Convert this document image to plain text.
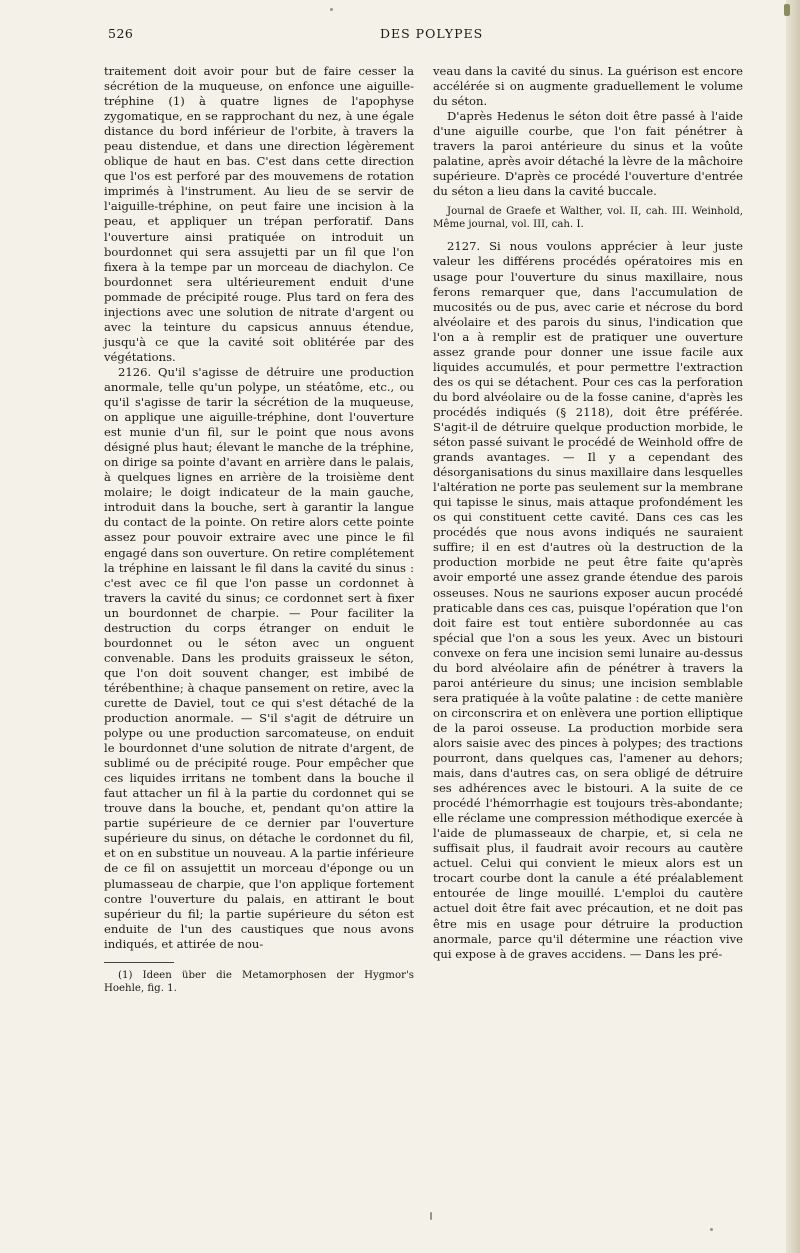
526	DES POLYPES

traitement doit avoir pour but de faire cesser la sécrétion de la muqueuse, on enfonce une aiguille-tréphine (1) à quatre lignes de l'apophyse zygomatique, en se rapprochant du nez, à une égale distance du bord inférieur de l'orbite, à travers la peau distendue, et dans une direction légèrement oblique de haut en bas. C'est dans cette direction que l'os est perforé par des mouvemens de rotation imprimés à l'instrument. Au lieu de se servir de l'aiguille-tréphine, on peut faire une incision à la peau, et appliquer un trépan perforatif. Dans l'ouverture ainsi pratiquée on introduit un bourdonnet qui sera assujetti par un fil que l'on fixera à la tempe par un morceau de diachylon. Ce bourdonnet sera ultérieurement enduit d'une pommade de précipité rouge. Plus tard on fera des injections avec une solution de nitrate d'argent ou avec la teinture du capsicus annuus étendue, jusqu'à ce que la cavité soit oblitérée par des végétations.

2126. Qu'il s'agisse de détruire une production anormale, telle qu'un polype, un stéatôme, etc., ou qu'il s'agisse de tarir la sécrétion de la muqueuse, on applique une aiguille-tréphine, dont l'ouverture est munie d'un fil, sur le point que nous avons désigné plus haut; élevant le manche de la tréphine, on dirige sa pointe d'avant en arrière dans le palais, à quelques lignes en arrière de la troisième dent molaire; le doigt indicateur de la main gauche, introduit dans la bouche, sert à garantir la langue du contact de la pointe. On retire alors cette pointe assez pour pouvoir extraire avec une pince le fil engagé dans son ouverture. On retire complétement la tréphine en laissant le fil dans la cavité du sinus : c'est avec ce fil que l'on passe un cordonnet à travers la cavité du sinus; ce cordonnet sert à fixer un bourdonnet de charpie. — Pour faciliter la destruction du corps étranger on enduit le bourdonnet ou le séton avec un onguent convenable. Dans les produits graisseux le séton, que l'on doit souvent changer, est imbibé de térébenthine; à chaque pansement on retire, avec la curette de Daviel, tout ce qui s'est détaché de la production anormale. — S'il s'agit de détruire un polype ou une production sarcomateuse, on enduit le bourdonnet d'une solution de nitrate d'argent, de sublimé ou de précipité rouge. Pour empêcher que ces liquides irritans ne tombent dans la bouche il faut attacher un fil à la partie du cordonnet qui se trouve dans la bouche, et, pendant qu'on attire la partie supérieure de ce dernier par l'ouverture supérieure du sinus, on détache le cordonnet du fil, et on en substitue un nouveau. A la partie inférieure de ce fil on assujettit un morceau d'éponge ou un plumasseau de charpie, que l'on applique fortement contre l'ouverture du palais, en attirant le bout supérieur du fil; la partie supérieure du séton est enduite de l'un des caustiques que nous avons indiqués, et attirée de nou-

(1) Ideen über die Metamorphosen der Hygmor's Hoehle, fig. 1.

veau dans la cavité du sinus. La guérison est encore accélérée si on augmente graduellement le volume du séton.

D'après Hedenus le séton doit être passé à l'aide d'une aiguille courbe, que l'on fait pénétrer à travers la paroi antérieure du sinus et la voûte palatine, après avoir détaché la lèvre de la mâchoire supérieure. D'après ce procédé l'ouverture d'entrée du séton a lieu dans la cavité buccale.

Journal de Graefe et Walther, vol. II, cah. III. Weinhold, Même journal, vol. III, cah. I.

2127. Si nous voulons apprécier à leur juste valeur les différens procédés opératoires mis en usage pour l'ouverture du sinus maxillaire, nous ferons remarquer que, dans l'accumulation de mucosités ou de pus, avec carie et nécrose du bord alvéolaire et des parois du sinus, l'indication que l'on a à remplir est de pratiquer une ouverture assez grande pour donner une issue facile aux liquides accumulés, et pour permettre l'extraction des os qui se détachent. Pour ces cas la perforation du bord alvéolaire ou de la fosse canine, d'après les procédés indiqués (§ 2118), doit être préférée. S'agit-il de détruire quelque production morbide, le séton passé suivant le procédé de Weinhold offre de grands avantages. — Il y a cependant des désorganisations du sinus maxillaire dans lesquelles l'altération ne porte pas seulement sur la membrane qui tapisse le sinus, mais attaque profondément les os qui constituent cette cavité. Dans ces cas les procédés que nous avons indiqués ne sauraient suffire; il en est d'autres où la destruction de la production morbide ne peut être faite qu'après avoir emporté une assez grande étendue des parois osseuses. Nous ne saurions exposer aucun procédé praticable dans ces cas, puisque l'opération que l'on doit faire est tout entière subordonnée au cas spécial que l'on a sous les yeux. Avec un bistouri convexe on fera une incision semi lunaire au-dessus du bord alvéolaire afin de pénétrer à travers la paroi antérieure du sinus; une incision semblable sera pratiquée à la voûte palatine : de cette manière on circonscrira et on enlèvera une portion elliptique de la paroi osseuse. La production morbide sera alors saisie avec des pinces à polypes; des tractions pourront, dans quelques cas, l'amener au dehors; mais, dans d'autres cas, on sera obligé de détruire ses adhérences avec le bistouri. A la suite de ce procédé l'hémorrhagie est toujours très-abondante; elle réclame une compression méthodique exercée à l'aide de plumasseaux de charpie, et, si cela ne suffisait plus, il faudrait avoir recours au cautère actuel. Celui qui convient le mieux alors est un trocart courbe dont la canule a été préalablement entourée de linge mouillé. L'emploi du cautère actuel doit être fait avec précaution, et ne doit pas être mis en usage pour détruire la production anormale, parce qu'il détermine une réaction vive qui expose à de graves accidens. — Dans les pré-
